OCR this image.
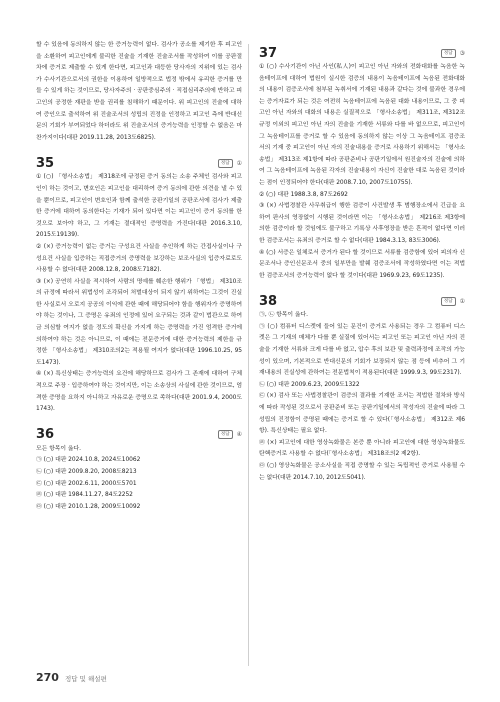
할 수 있음에 동의하지 않는 한 증거능력이 없다. 검사가 공소를 제기한 후 피고인을 소환하여 피고인에게 불리한 진술을 기재한 진술조서를 작성하여 이를 공판절차에 증거로 제출할 수 있게 한다면, 피고인과 대등한 당사자의 지위에 있는 검사가 수사기관으로서의 권한을 이용하여 일방적으로 법정 밖에서 유리한 증거를 만들 수 있게 하는 것이므로, 당사자주의 · 공판중심주의 · 직접심리주의에 반하고 피고인의 공정한 재판을 받을 권리를 침해하기 때문이다. 위 피고인의 진술에 대하여 증인으로 출석하여 위 진술조서의 성립의 진정을 인정하고 피고인 측에 반대신문의 기회가 부여되었다 하더라도 위 진술조서의 증거능력을 인정할 수 없음은 마찬가지이다(대판 2019.11.28, 2013도6825).

35	정답	①

① (○) 「형사소송법」 제318조에 규정된 증거 동의는 소송 주체인 검사와 피고인이 하는 것이고, 변호인은 피고인을 대리하여 증거 동의에 관한 의견을 낼 수 있을 뿐이므로, 피고인이 변호인과 함께 출석한 공판기일의 공판조서에 검사가 제출한 증거에 대하여 동의한다는 기재가 되어 있다면 이는 피고인이 증거 동의를 한 것으로 보아야 하고, 그 기재는 절대적인 증명력을 가진다(대판 2016.3.10, 2015도19139).

② (×) 증거능력이 없는 증거는 구성요건 사실을 추인하게 하는 간접사실이나 구성요건 사실을 입증하는 직접증거의 증명력을 보강하는 보조사실의 입증자료로도 사용할 수 없다(대판 2008.12.8, 2008도7182).

③ (×) 공연히 사실을 적시하여 사람의 명예를 훼손한 행위가 「형법」 제310조의 규정에 따라서 위법성이 조각되어 처벌대상이 되지 않기 위하여는 그것이 진실한 사실로서 오로지 공공의 이익에 관한 때에 해당되어야 함을 행위자가 증명하여야 하는 것이나, 그 증명은 유죄의 인정에 있어 요구되는 것과 같이 법관으로 하여금 의심할 여지가 없을 정도의 확신을 가지게 하는 증명력을 가진 엄격한 증거에 의하여야 하는 것은 아니므로, 이 때에는 전문증거에 대한 증거능력의 제한을 규정한 「형사소송법」 제310조의2는 적용될 여지가 없다(대판 1996.10.25, 95도1473).

④ (×) 특신상태는 증거능력의 요건에 해당하므로 검사가 그 존재에 대하여 구체적으로 주장 · 입증하여야 하는 것이지만, 이는 소송상의 사실에 관한 것이므로, 엄격한 증명을 요하지 아니하고 자유로운 증명으로 족하다(대판 2001.9.4, 2000도1743).

36	정답	④

모든 항목이 옳다.

㉠ (○) 대판 2024.10.8, 2024도10062

㉡ (○) 대판 2009.8.20, 2008도8213

㉢ (○) 대판 2002.6.11, 2000도5701

㉣ (○) 대판 1984.11.27, 84도2252

㉤ (○) 대판 2010.1.28, 2009도10092

37	정답	③

① (○) 수사기관이 아닌 사인(私人)이 피고인 아닌 자와의 전화대화를 녹음한 녹음테이프에 대하여 법원이 실시한 검증의 내용이 녹음테이프에 녹음된 전화대화의 내용이 검증조서에 첨부된 녹취서에 기재된 내용과 같다는 것에 불과한 경우에는 증거자료가 되는 것은 여전히 녹음테이프에 녹음된 대화 내용이므로, 그 중 피고인 아닌 자와의 대화의 내용은 실질적으로 「형사소송법」 제311조, 제312조 규정 이외의 피고인 아닌 자의 진술을 기재한 서류와 다를 바 없으므로, 피고인이 그 녹음테이프를 증거로 할 수 있음에 동의하지 않는 이상 그 녹음테이프 검증조서의 기재 중 피고인이 아닌 자의 진술내용을 증거로 사용하기 위해서는 「형사소송법」 제313조 제1항에 따라 공판준비나 공판기일에서 원진술자의 진술에 의하여 그 녹음테이프에 녹음된 각자의 진술내용이 자신이 진술한 대로 녹음된 것이라는 점이 인정되어야 한다(대판 2008.7.10, 2007도10755).

② (○) 대판 1988.3.8, 87도2692

③ (×) 사법경찰관 사무취급이 행한 검증이 사건발생 후 범행장소에서 긴급을 요하여 판사의 영장없이 시행된 것이라면 이는 「형사소송법」 제216조 제3항에 의한 검증이라 할 것임에도 불구하고 기록상 사후영장을 받은 흔적이 없다면 이러한 검증조서는 유죄의 증거로 할 수 없다(대판 1984.3.13, 83도3006).

④ (○) 서증은 일체로서 증거가 된다 할 것이므로 서류를 검증함에 있어 피의자 신문조서나 증인신문조서 중의 일부만을 발췌 검증조서에 작성하였다면 이는 적법한 검증조서의 증거능력이 없다 할 것이다(대판 1969.9.23, 69도1235).

38	정답	①

㉠, ㉡ 항목이 옳다.

㉠ (○) 컴퓨터 디스켓에 들어 있는 문건이 증거로 사용되는 경우 그 컴퓨터 디스켓은 그 기재의 매체가 다를 뿐 실질에 있어서는 피고인 또는 피고인 아닌 자의 진술을 기재한 서류와 크게 다를 바 없고, 압수 후의 보관 및 출력과정에 조작의 가능성이 있으며, 기본적으로 반대신문의 기회가 보장되지 않는 점 등에 비추어 그 기재내용의 진실성에 관하여는 전문법칙이 적용된다(대판 1999.9.3, 99도2317).

㉡ (○) 대판 2009.6.23, 2009도1322

㉢ (×) 검사 또는 사법경찰관이 검증의 결과를 기재한 조서는 적법한 절차와 방식에 따라 작성된 것으로서 공판준비 또는 공판기일에서의 작성자의 진술에 따라 그 성립의 진정함이 증명된 때에는 증거로 할 수 있다(「형사소송법」 제312조 제6항). 특신상태는 필요 없다.

㉣ (×) 피고인에 대한 영상녹화물은 본증 뿐 아니라 피고인에 대한 영상녹화물도 탄핵증거로 사용할 수 없다(「형사소송법」 제318조의2 제2항).

㉤ (○) 영상녹화물은 공소사실을 직접 증명할 수 있는 독립적인 증거로 사용될 수는 없다(대판 2014.7.10, 2012도5041).

270 정답 및 해설편
